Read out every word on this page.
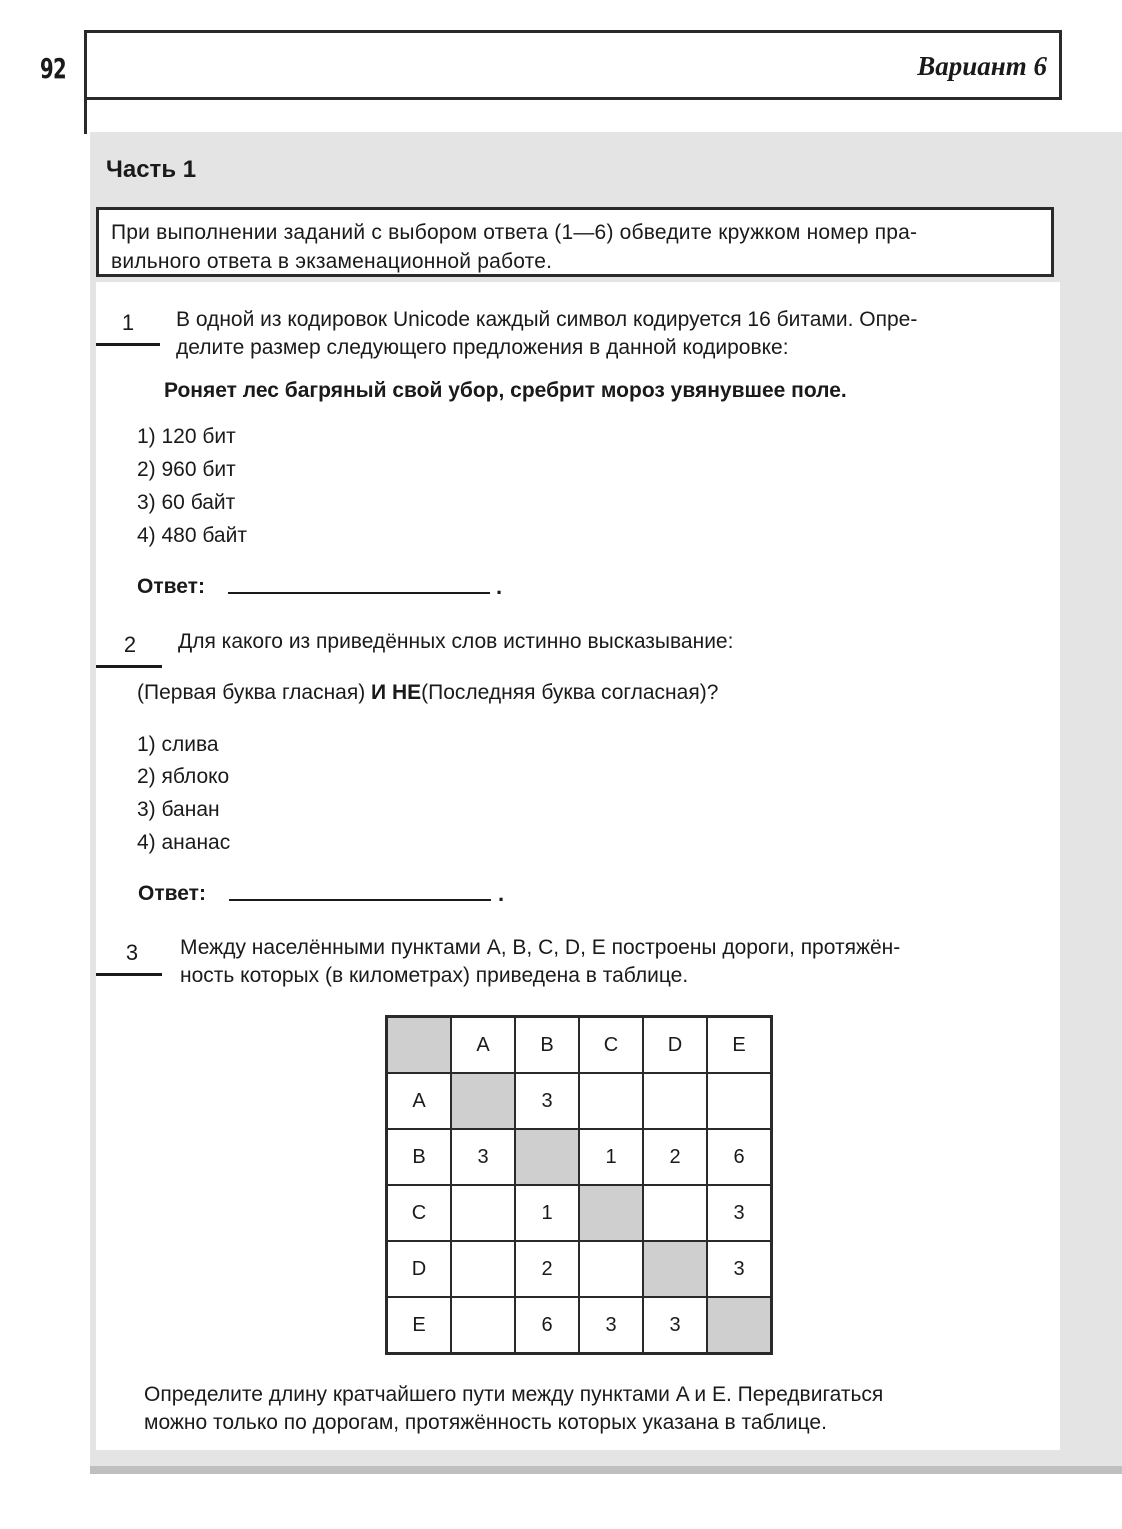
92	Вариант 6
Часть 1
При выполнении заданий с выбором ответа (1—6) обведите кружком номер пра-
вильного ответа в экзаменационной работе.
1	В одной из кодировок Unicode каждый символ кодируется 16 битами. Опре-
делите размер следующего предложения в данной кодировке:
Роняет лес багряный свой убор, сребрит мороз увянувшее поле.
1) 120 бит
2) 960 бит
3) 60 байт
4) 480 байт
Ответ:	.
2	Для какого из приведённых слов истинно высказывание:
(Первая буква гласная) И НЕ(Последняя буква согласная)?
1) слива
2) яблоко
3) банан
4) ананас
Ответ:	.
3	Между населёнными пунктами A, B, C, D, E построены дороги, протяжён-
ность которых (в километрах) приведена в таблице.
	A	B	C	D	E
A		3			
B	3		1	2	6
C		1			3
D		2			3
E		6	3	3	
Определите длину кратчайшего пути между пунктами A и E. Передвигаться
можно только по дорогам, протяжённость которых указана в таблице.
